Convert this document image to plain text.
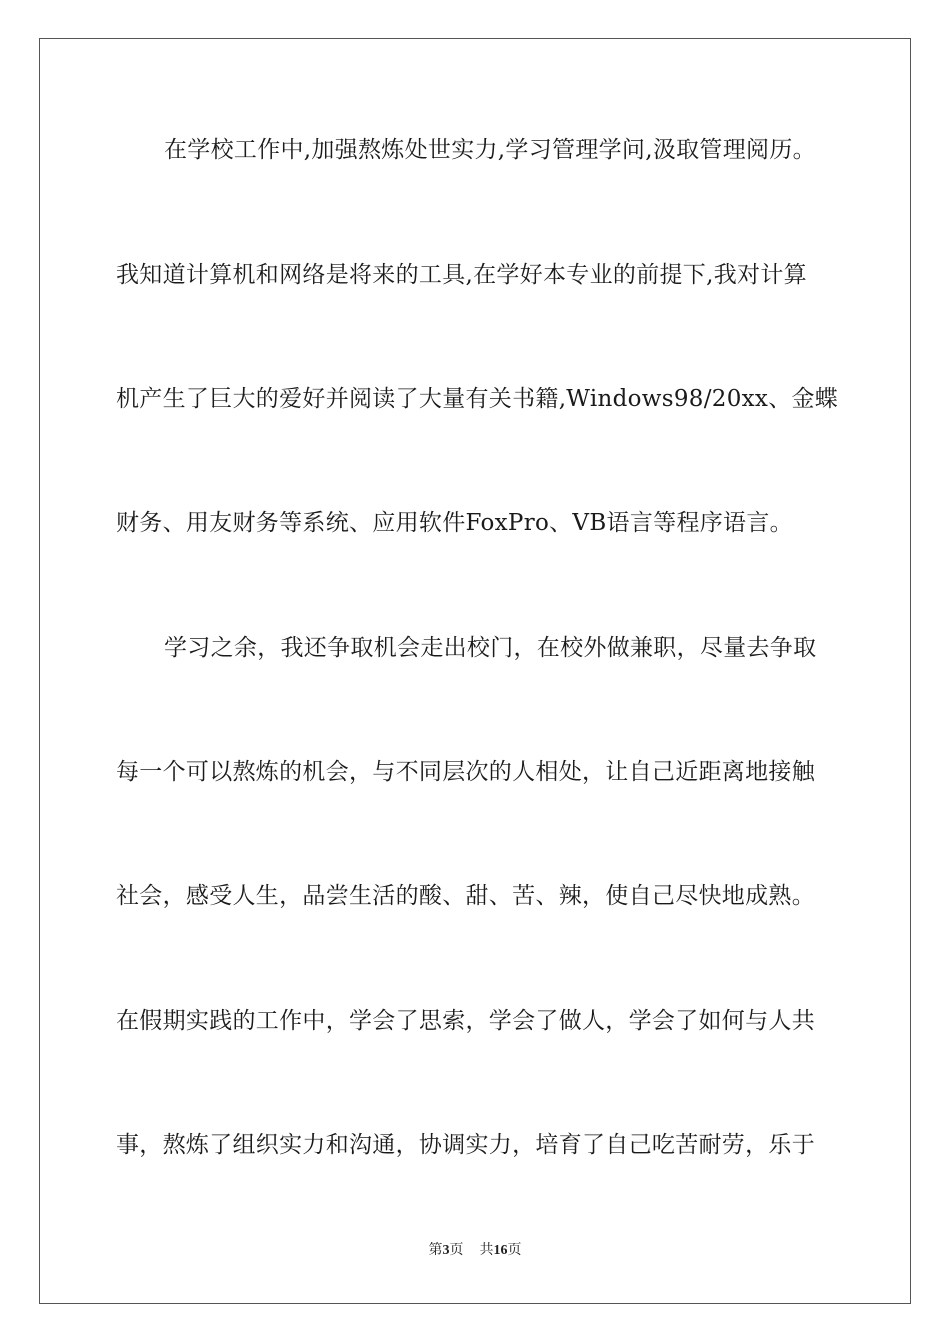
在学校工作中,加强熬炼处世实力,学习管理学问,汲取管理阅历。
我知道计算机和网络是将来的工具,在学好本专业的前提下,我对计算
机产生了巨大的爱好并阅读了大量有关书籍,Windows98/20xx、金蝶
财务、用友财务等系统、应用软件FoxPro、VB语言等程序语言。
学习之余，我还争取机会走出校门，在校外做兼职，尽量去争取
每一个可以熬炼的机会，与不同层次的人相处，让自己近距离地接触
社会，感受人生，品尝生活的酸、甜、苦、辣，使自己尽快地成熟。
在假期实践的工作中，学会了思索，学会了做人，学会了如何与人共
事，熬炼了组织实力和沟通，协调实力，培育了自己吃苦耐劳，乐于
第3页 共16页
